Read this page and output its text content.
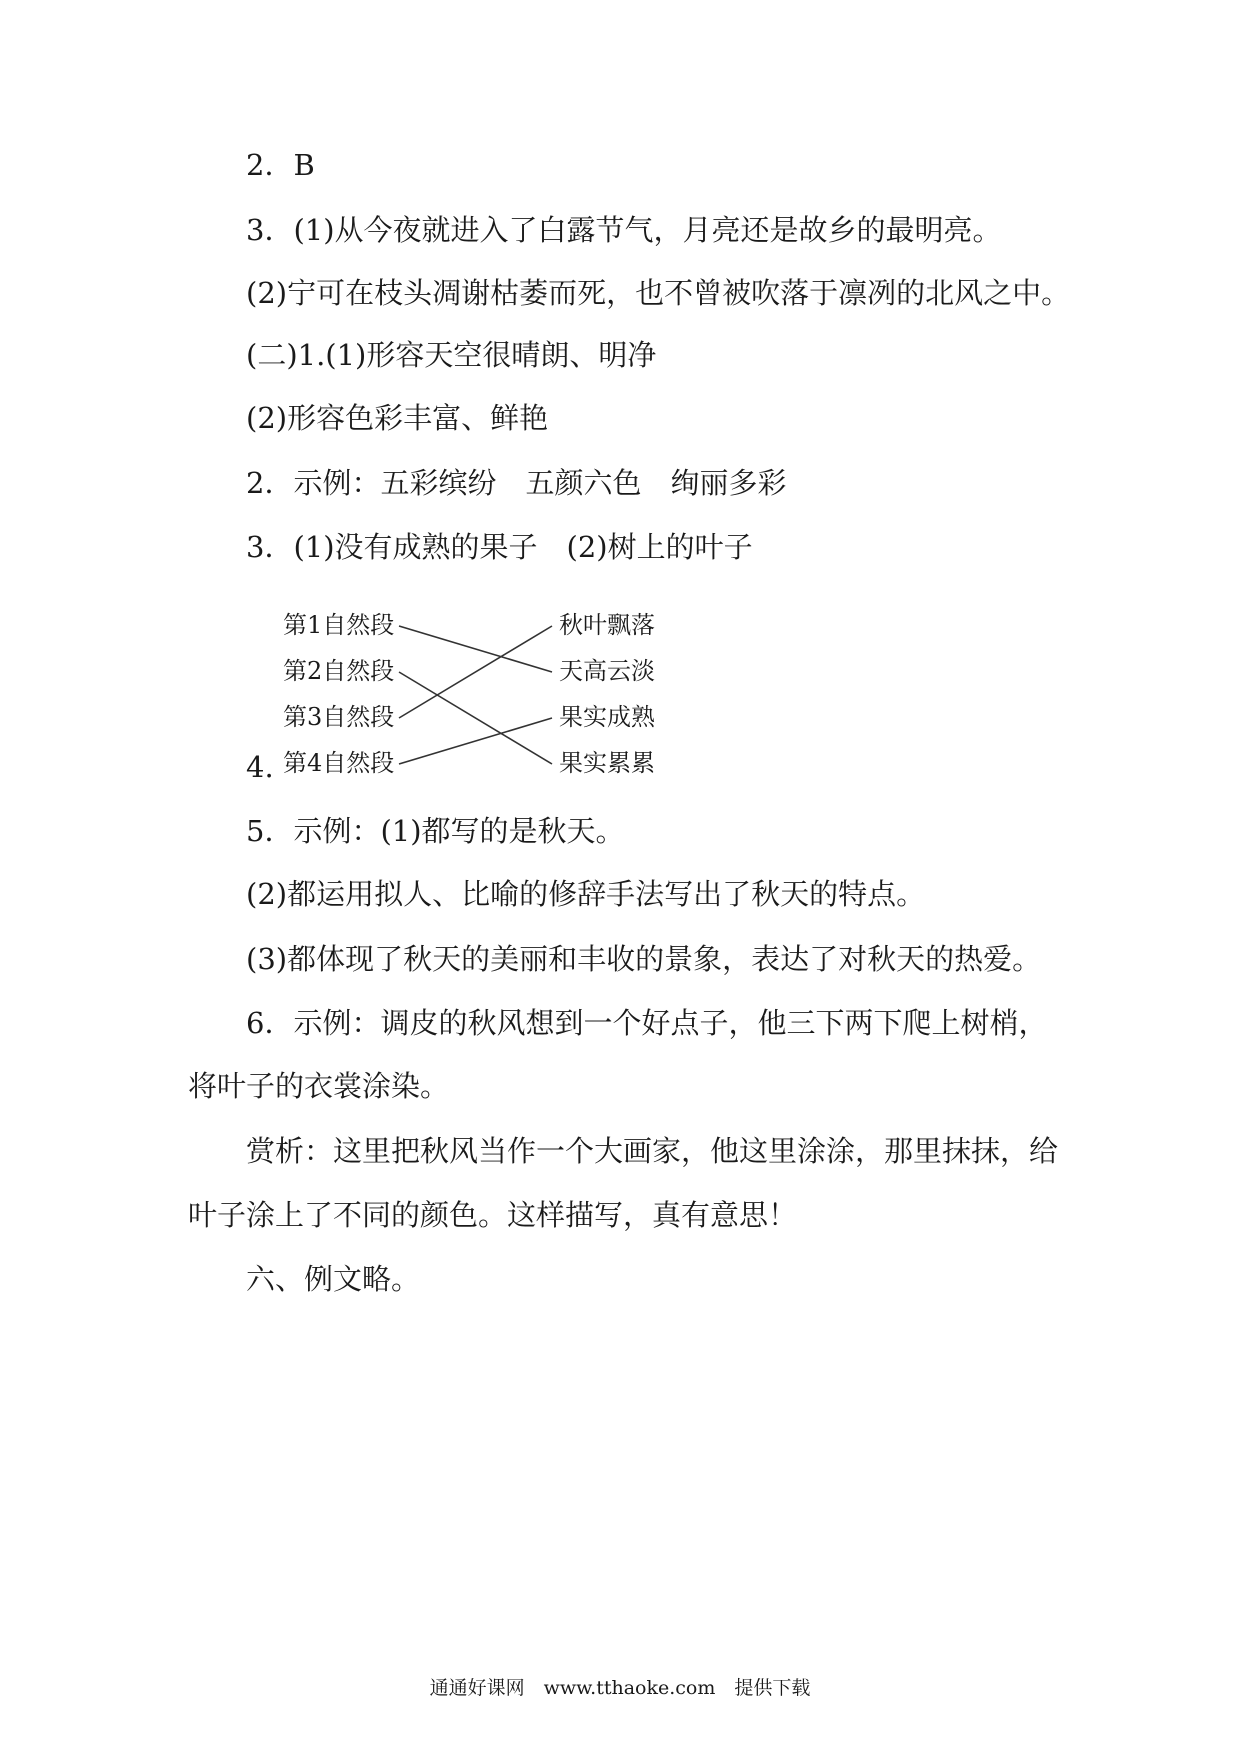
2．B
3．(1)从今夜就进入了白露节气，月亮还是故乡的最明亮。
(2)宁可在枝头凋谢枯萎而死，也不曾被吹落于凛冽的北风之中。
(二)1.(1)形容天空很晴朗、明净
(2)形容色彩丰富、鲜艳
2．示例：五彩缤纷　五颜六色　绚丽多彩
3．(1)没有成熟的果子　(2)树上的叶子
4.
第1自然段
第2自然段
第3自然段
第4自然段
秋叶飘落
天高云淡
果实成熟
果实累累
5．示例：(1)都写的是秋天。
(2)都运用拟人、比喻的修辞手法写出了秋天的特点。
(3)都体现了秋天的美丽和丰收的景象，表达了对秋天的热爱。
6．示例：调皮的秋风想到一个好点子，他三下两下爬上树梢，
将叶子的衣裳涂染。
赏析：这里把秋风当作一个大画家，他这里涂涂，那里抹抹，给
叶子涂上了不同的颜色。这样描写，真有意思！
六、例文略。
通通好课网　www.tthaoke.com　提供下载
